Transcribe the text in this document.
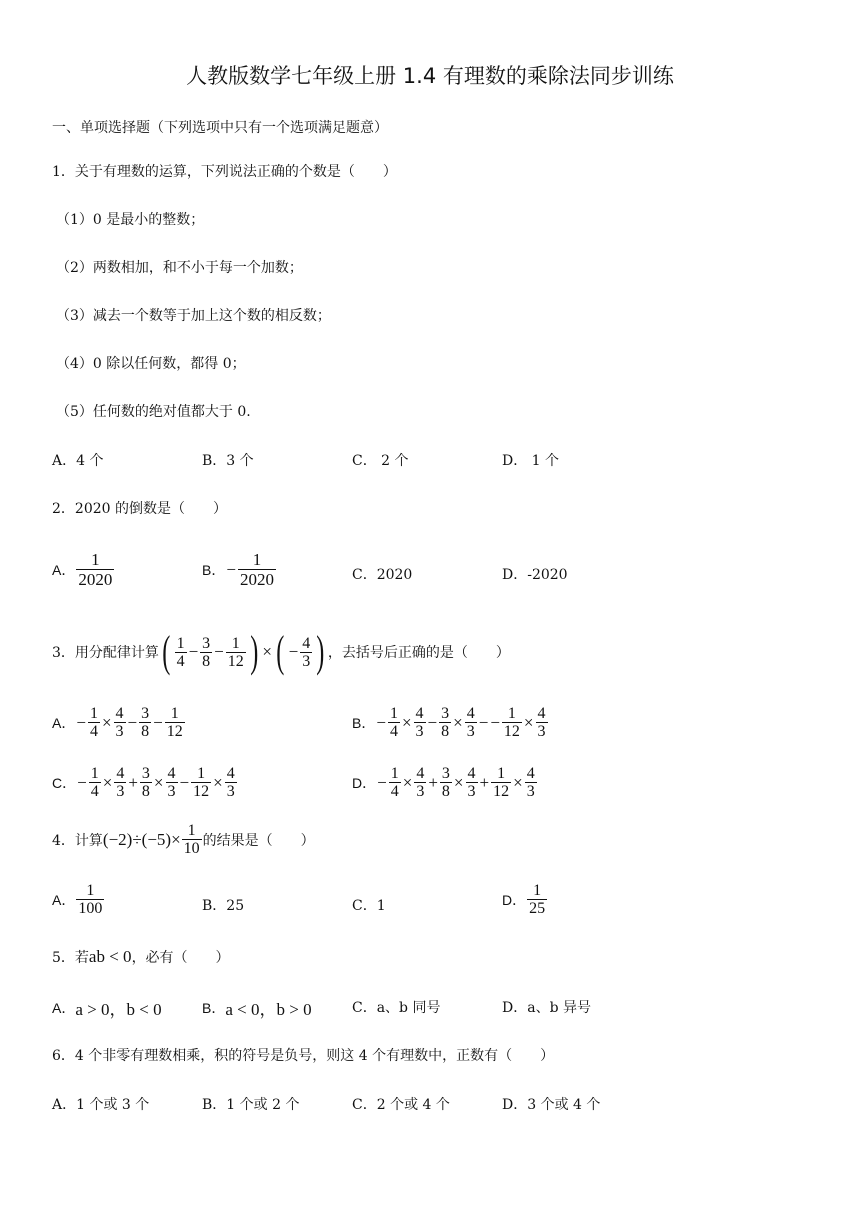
人教版数学七年级上册 1.4 有理数的乘除法同步训练
一、单项选择题（下列选项中只有一个选项满足题意）
1．关于有理数的运算，下列说法正确的个数是（　　）
（1）0 是最小的整数；
（2）两数相加，和不小于每一个加数；
（3）减去一个数等于加上这个数的相反数；
（4）0 除以任何数，都得 0；
（5）任何数的绝对值都大于 0.
A．4 个	B．3 个	C． 2 个	D． 1 个
2．2020 的倒数是（　　）
A． $\frac{1}{2020}$	B． − $\frac{1}{2020}$	C．2020	D．-2020
3．用分配律计算 ( $\frac{1}{4} - \frac{3}{8} - \frac{1}{12}$ ) × ( − $\frac{4}{3}$ ) ，去括号后正确的是（　　）
A． − $\frac{1}{4} \times \frac{4}{3} - \frac{3}{8} - \frac{1}{12}$	B． − $\frac{1}{4} \times \frac{4}{3} - \frac{3}{8} \times \frac{4}{3}$ − − $\frac{1}{12} \times \frac{4}{3}$
C． − $\frac{1}{4} \times \frac{4}{3} + \frac{3}{8} \times \frac{4}{3} - \frac{1}{12} \times \frac{4}{3}$	D． − $\frac{1}{4} \times \frac{4}{3} + \frac{3}{8} \times \frac{4}{3} + \frac{1}{12} \times \frac{4}{3}$
4．计算 $(-2)\div(-5)\times \frac{1}{10}$ 的结果是（　　）
A． $\frac{1}{100}$	B．25	C．1	D． $\frac{1}{25}$
5．若 ab < 0 ，必有（　　）
A． a > 0，b < 0	B． a < 0，b > 0	C．a、b 同号	D．a、b 异号
6．4 个非零有理数相乘，积的符号是负号，则这 4 个有理数中，正数有（　　）
A．1 个或 3 个	B．1 个或 2 个	C．2 个或 4 个	D．3 个或 4 个
